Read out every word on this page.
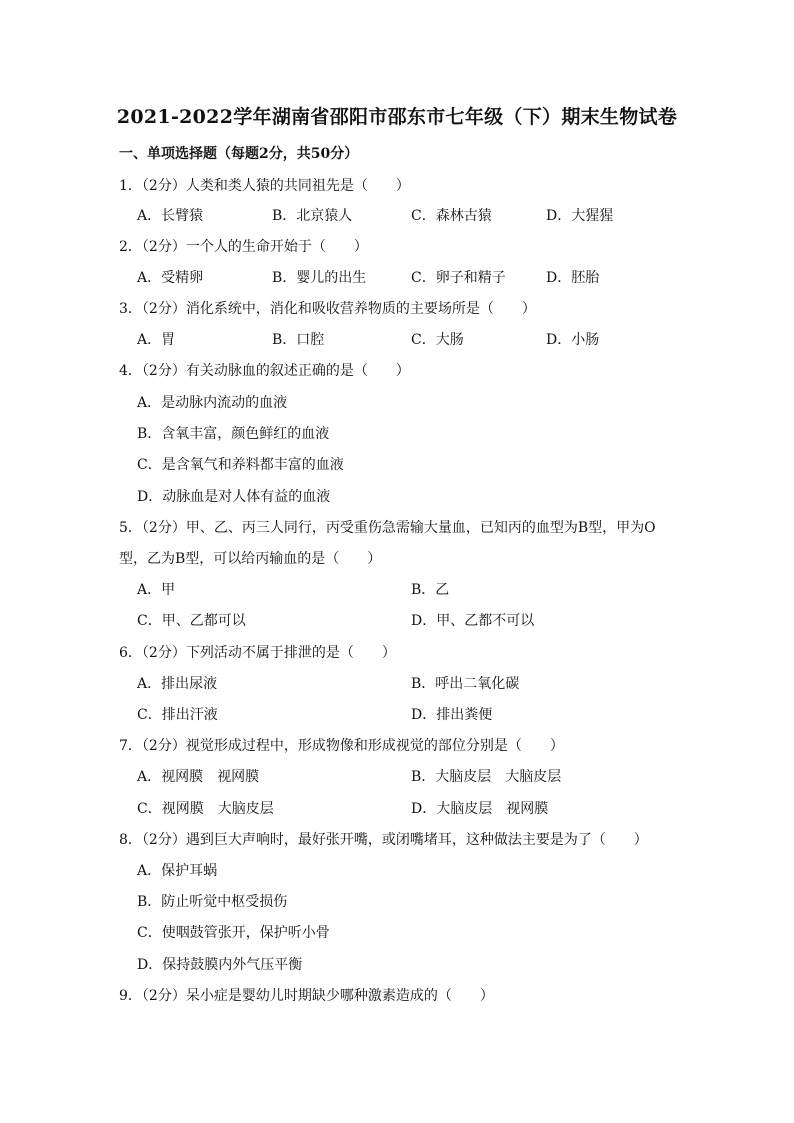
2021-2022学年湖南省邵阳市邵东市七年级（下）期末生物试卷
一、单项选择题（每题2分，共50分）
1．（2分）人类和类人猿的共同祖先是（　　）
A．长臂猿	B．北京猿人	C．森林古猿	D．大猩猩
2．（2分）一个人的生命开始于（　　）
A．受精卵	B．婴儿的出生	C．卵子和精子	D．胚胎
3．（2分）消化系统中，消化和吸收营养物质的主要场所是（　　）
A．胃	B．口腔	C．大肠	D．小肠
4．（2分）有关动脉血的叙述正确的是（　　）
A．是动脉内流动的血液
B．含氧丰富，颜色鲜红的血液
C．是含氧气和养料都丰富的血液
D．动脉血是对人体有益的血液
5．（2分）甲、乙、丙三人同行，丙受重伤急需输大量血，已知丙的血型为B型，甲为O
型，乙为B型，可以给丙输血的是（　　）
A．甲	B．乙
C．甲、乙都可以	D．甲、乙都不可以
6．（2分）下列活动不属于排泄的是（　　）
A．排出尿液	B．呼出二氧化碳
C．排出汗液	D．排出粪便
7．（2分）视觉形成过程中，形成物像和形成视觉的部位分别是（　　）
A．视网膜　视网膜	B．大脑皮层　大脑皮层
C．视网膜　大脑皮层	D．大脑皮层　视网膜
8．（2分）遇到巨大声响时，最好张开嘴，或闭嘴堵耳，这种做法主要是为了（　　）
A．保护耳蜗
B．防止听觉中枢受损伤
C．使咽鼓管张开，保护听小骨
D．保持鼓膜内外气压平衡
9．（2分）呆小症是婴幼儿时期缺少哪种激素造成的（　　）
